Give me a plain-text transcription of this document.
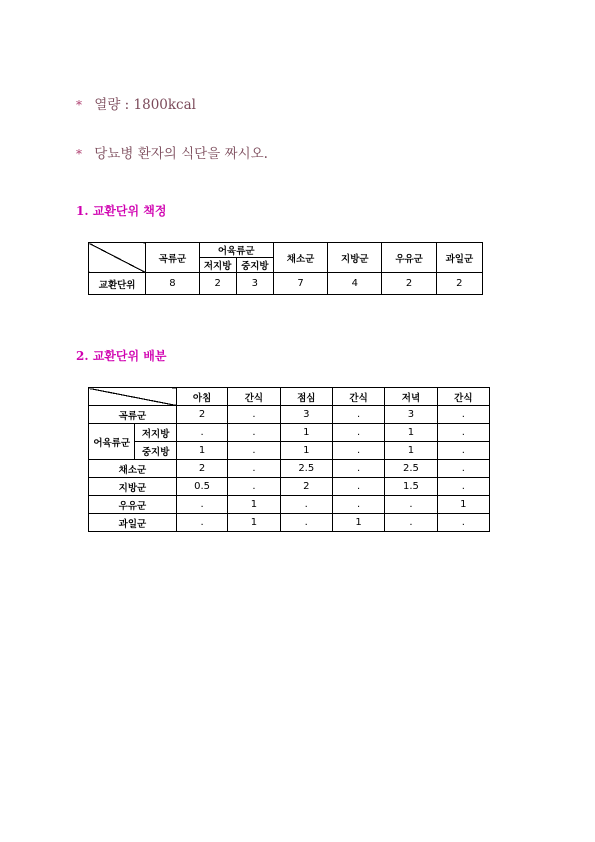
* 열량 : 1800kcal
* 당뇨병 환자의 식단을 짜시오.
1. 교환단위 책정
	곡류군	어육류군		채소군	지방군	우유군	과일군
		저지방	중지방				
교환단위	8	2	3	7	4	2	2
2. 교환단위 배분
		아침	간식	점심	간식	저녁	간식
곡류군		2	.	3	.	3	.
어육류군	저지방	.	.	1	.	1	.
	중지방	1	.	1	.	1	.
채소군		2	.	2.5	.	2.5	.
지방군		0.5	.	2	.	1.5	.
우유군		.	1	.	.	.	1
과일군		.	1	.	1	.	.
